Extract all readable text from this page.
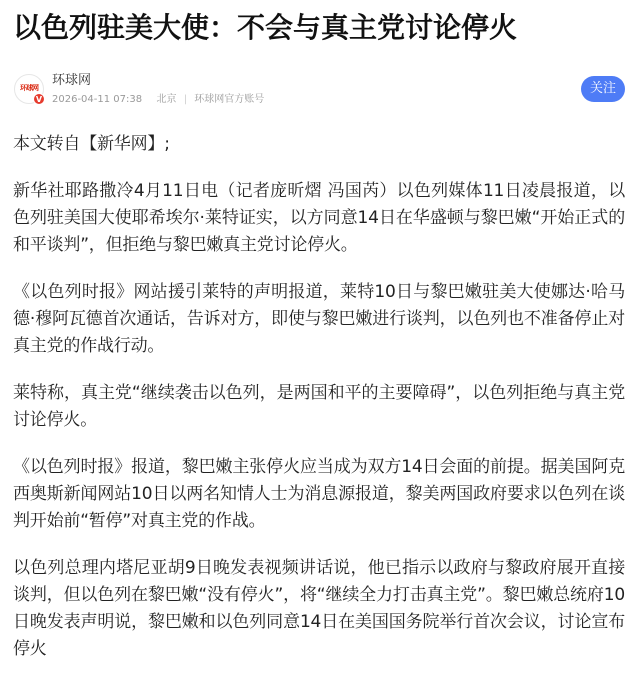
以色列驻美大使：不会与真主党讨论停火
环球网
V
环球网
2026-04-11 07:38 北京 | 环球网官方账号
关注

本文转自【新华网】;

新华社耶路撒冷4月11日电（记者庞昕熠 冯国芮）以色列媒体11日凌晨报道，以色列驻美国大使耶希埃尔·莱特证实，以方同意14日在华盛顿与黎巴嫩“开始正式的和平谈判”，但拒绝与黎巴嫩真主党讨论停火。

《以色列时报》网站援引莱特的声明报道，莱特10日与黎巴嫩驻美大使娜达·哈马德·穆阿瓦德首次通话，告诉对方，即使与黎巴嫩进行谈判，以色列也不准备停止对真主党的作战行动。

莱特称，真主党“继续袭击以色列，是两国和平的主要障碍”，以色列拒绝与真主党讨论停火。

《以色列时报》报道，黎巴嫩主张停火应当成为双方14日会面的前提。据美国阿克西奥斯新闻网站10日以两名知情人士为消息源报道，黎美两国政府要求以色列在谈判开始前“暂停”对真主党的作战。

以色列总理内塔尼亚胡9日晚发表视频讲话说，他已指示以政府与黎政府展开直接谈判，但以色列在黎巴嫩“没有停火”，将“继续全力打击真主党”。黎巴嫩总统府10日晚发表声明说，黎巴嫩和以色列同意14日在美国国务院举行首次会议，讨论宣布停火
